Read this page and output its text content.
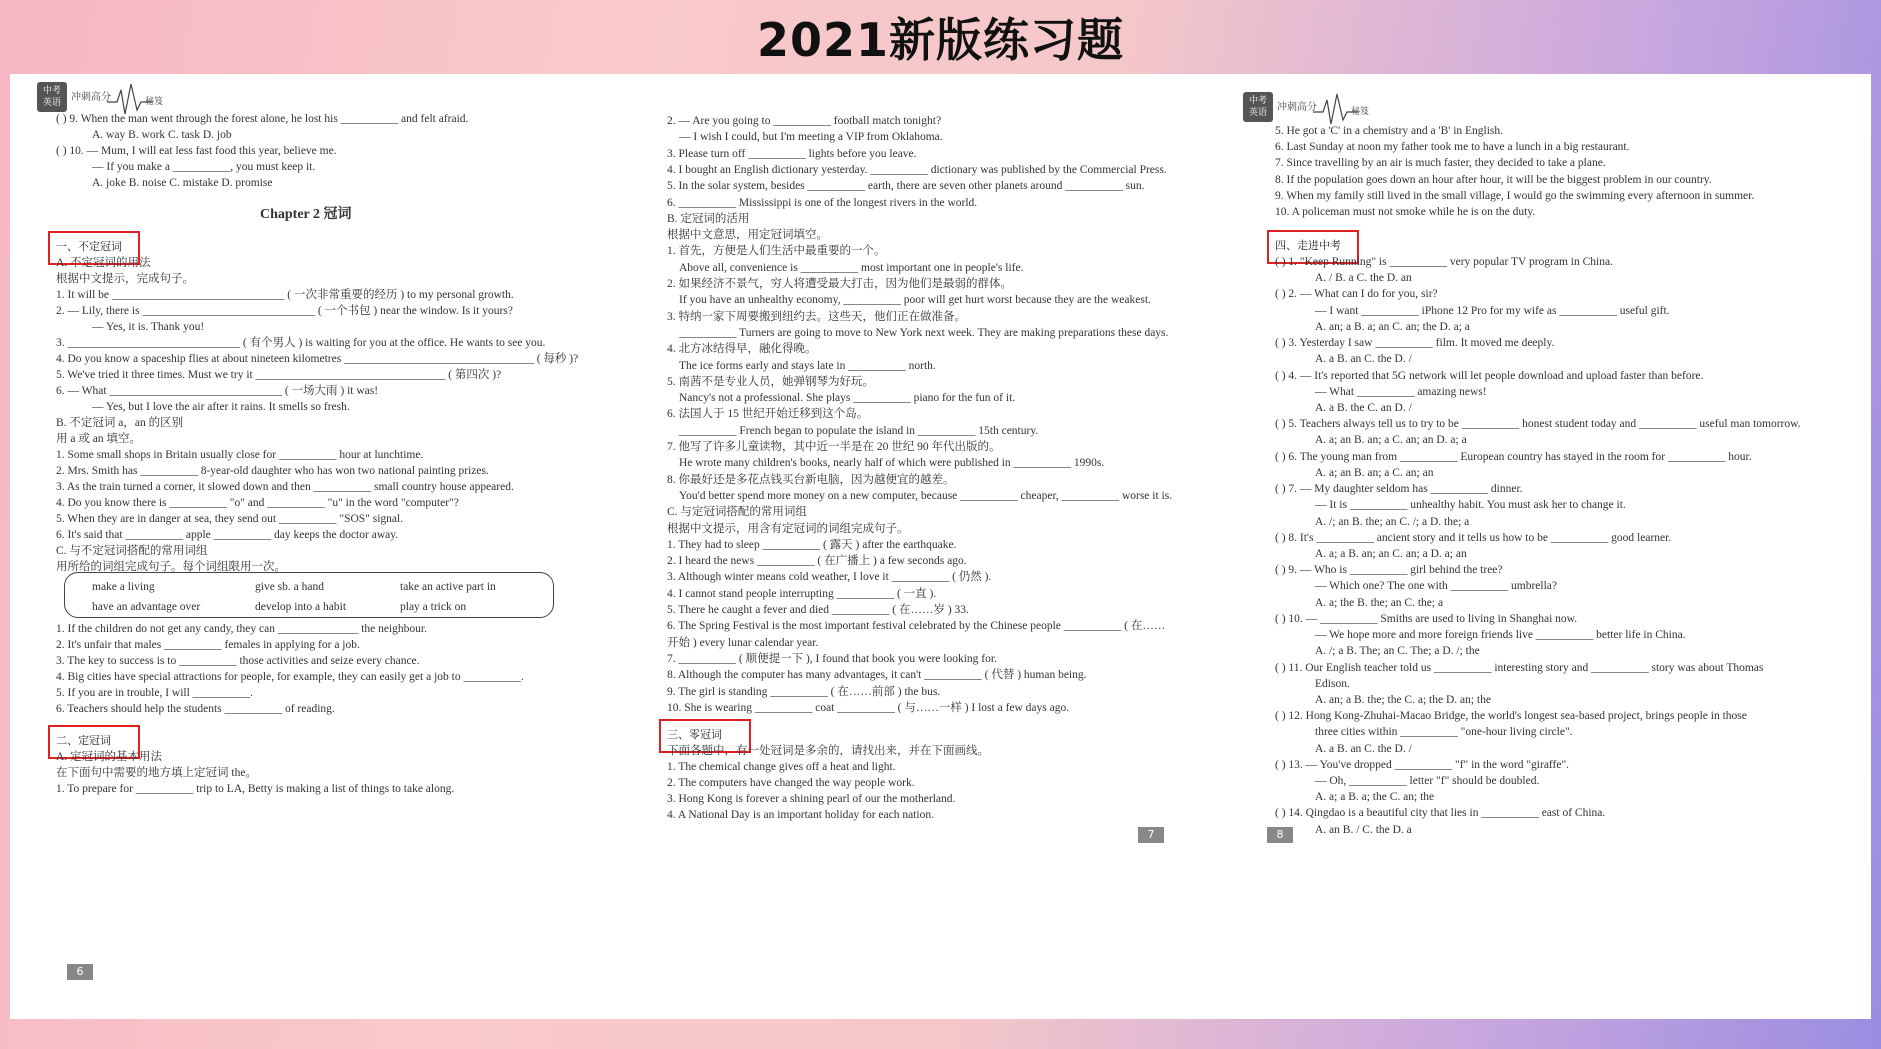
2021新版练习题
中考
英语	冲刺高分	秘笈
6
( ) 9. When the man went through the forest alone, he lost his __________ and felt afraid.
A. way B. work C. task D. job
( ) 10. — Mum, I will eat less fast food this year, believe me.
— If you make a __________, you must keep it.
A. joke B. noise C. mistake D. promise
Chapter 2 冠词
一、不定冠词
A. 不定冠词的用法
根据中文提示，完成句子。
1. It will be ______________________________ ( 一次非常重要的经历 ) to my personal growth.
2. — Lily, there is ______________________________ ( 一个书包 ) near the window. Is it yours?
— Yes, it is. Thank you!
3. ______________________________ ( 有个男人 ) is waiting for you at the office. He wants to see you.
4. Do you know a spaceship flies at about nineteen kilometres _________________________________ ( 每秒 )?
5. We've tried it three times. Must we try it _________________________________ ( 第四次 )?
6. — What ______________________________ ( 一场大雨 ) it was!
— Yes, but I love the air after it rains. It smells so fresh.
B. 不定冠词 a，an 的区别
用 a 或 an 填空。
1. Some small shops in Britain usually close for __________ hour at lunchtime.
2. Mrs. Smith has __________ 8-year-old daughter who has won two national painting prizes.
3. As the train turned a corner, it slowed down and then __________ small country house appeared.
4. Do you know there is __________ "o" and __________ "u" in the word "computer"?
5. When they are in danger at sea, they send out __________ "SOS" signal.
6. It's said that __________ apple __________ day keeps the doctor away.
C. 与不定冠词搭配的常用词组
用所给的词组完成句子。每个词组限用一次。
1. If the children do not get any candy, they can ______________ the neighbour.
2. It's unfair that males __________ females in applying for a job.
3. The key to success is to __________ those activities and seize every chance.
4. Big cities have special attractions for people, for example, they can easily get a job to __________.
5. If you are in trouble, I will __________.
6. Teachers should help the students __________ of reading.
二、定冠词
A. 定冠词的基本用法
在下面句中需要的地方填上定冠词 the。
1. To prepare for __________ trip to LA, Betty is making a list of things to take along.
make a living	give sb. a hand	take an active part in
have an advantage over	develop into a habit	play a trick on
7
2. — Are you going to __________ football match tonight?
— I wish I could, but I'm meeting a VIP from Oklahoma.
3. Please turn off __________ lights before you leave.
4. I bought an English dictionary yesterday. __________ dictionary was published by the Commercial Press.
5. In the solar system, besides __________ earth, there are seven other planets around __________ sun.
6. __________ Mississippi is one of the longest rivers in the world.
B. 定冠词的活用
根据中文意思，用定冠词填空。
1. 首先，方便是人们生活中最重要的一个。
Above all, convenience is __________ most important one in people's life.
2. 如果经济不景气，穷人将遭受最大打击，因为他们是最弱的群体。
If you have an unhealthy economy, __________ poor will get hurt worst because they are the weakest.
3. 特纳一家下周要搬到纽约去。这些天，他们正在做准备。
__________ Turners are going to move to New York next week. They are making preparations these days.
4. 北方冰结得早，融化得晚。
The ice forms early and stays late in __________ north.
5. 南茜不是专业人员，她弹钢琴为好玩。
Nancy's not a professional. She plays __________ piano for the fun of it.
6. 法国人于 15 世纪开始迁移到这个岛。
__________ French began to populate the island in __________ 15th century.
7. 他写了许多儿童读物，其中近一半是在 20 世纪 90 年代出版的。
He wrote many children's books, nearly half of which were published in __________ 1990s.
8. 你最好还是多花点钱买台新电脑，因为越便宜的越差。
You'd better spend more money on a new computer, because __________ cheaper, __________ worse it is.
C. 与定冠词搭配的常用词组
根据中文提示，用含有定冠词的词组完成句子。
1. They had to sleep __________ ( 露天 ) after the earthquake.
2. I heard the news __________ ( 在广播上 ) a few seconds ago.
3. Although winter means cold weather, I love it __________ ( 仍然 ).
4. I cannot stand people interrupting __________ ( 一直 ).
5. There he caught a fever and died __________ ( 在……岁 ) 33.
6. The Spring Festival is the most important festival celebrated by the Chinese people __________ ( 在……
开始 ) every lunar calendar year.
7. __________ ( 顺便提一下 ), I found that book you were looking for.
8. Although the computer has many advantages, it can't __________ ( 代替 ) human being.
9. The girl is standing __________ ( 在……前部 ) the bus.
10. She is wearing __________ coat __________ ( 与……一样 ) I lost a few days ago.
三、零冠词
下面各题中，有一处冠词是多余的，请找出来，并在下面画线。
1. The chemical change gives off a heat and light.
2. The computers have changed the way people work.
3. Hong Kong is forever a shining pearl of our the motherland.
4. A National Day is an important holiday for each nation.
中考
英语	冲刺高分	秘笈
8
5. He got a 'C' in a chemistry and a 'B' in English.
6. Last Sunday at noon my father took me to have a lunch in a big restaurant.
7. Since travelling by an air is much faster, they decided to take a plane.
8. If the population goes down an hour after hour, it will be the biggest problem in our country.
9. When my family still lived in the small village, I would go the swimming every afternoon in summer.
10. A policeman must not smoke while he is on the duty.
四、走进中考
( ) 1. "Keep Running" is __________ very popular TV program in China.
A. / B. a C. the D. an
( ) 2. — What can I do for you, sir?
— I want __________ iPhone 12 Pro for my wife as __________ useful gift.
A. an; a B. a; an C. an; the D. a; a
( ) 3. Yesterday I saw __________ film. It moved me deeply.
A. a B. an C. the D. /
( ) 4. — It's reported that 5G network will let people download and upload faster than before.
— What __________ amazing news!
A. a B. the C. an D. /
( ) 5. Teachers always tell us to try to be __________ honest student today and __________ useful man tomorrow.
A. a; an B. an; a C. an; an D. a; a
( ) 6. The young man from __________ European country has stayed in the room for __________ hour.
A. a; an B. an; a C. an; an
( ) 7. — My daughter seldom has __________ dinner.
— It is __________ unhealthy habit. You must ask her to change it.
A. /; an B. the; an C. /; a D. the; a
( ) 8. It's __________ ancient story and it tells us how to be __________ good learner.
A. a; a B. an; an C. an; a D. a; an
( ) 9. — Who is __________ girl behind the tree?
— Which one? The one with __________ umbrella?
A. a; the B. the; an C. the; a
( ) 10. — __________ Smiths are used to living in Shanghai now.
— We hope more and more foreign friends live __________ better life in China.
A. /; a B. The; an C. The; a D. /; the
( ) 11. Our English teacher told us __________ interesting story and __________ story was about Thomas
Edison.
A. an; a B. the; the C. a; the D. an; the
( ) 12. Hong Kong-Zhuhai-Macao Bridge, the world's longest sea-based project, brings people in those
three cities within __________ "one-hour living circle".
A. a B. an C. the D. /
( ) 13. — You've dropped __________ "f" in the word "giraffe".
— Oh, __________ letter "f" should be doubled.
A. a; a B. a; the C. an; the
( ) 14. Qingdao is a beautiful city that lies in __________ east of China.
A. an B. / C. the D. a
